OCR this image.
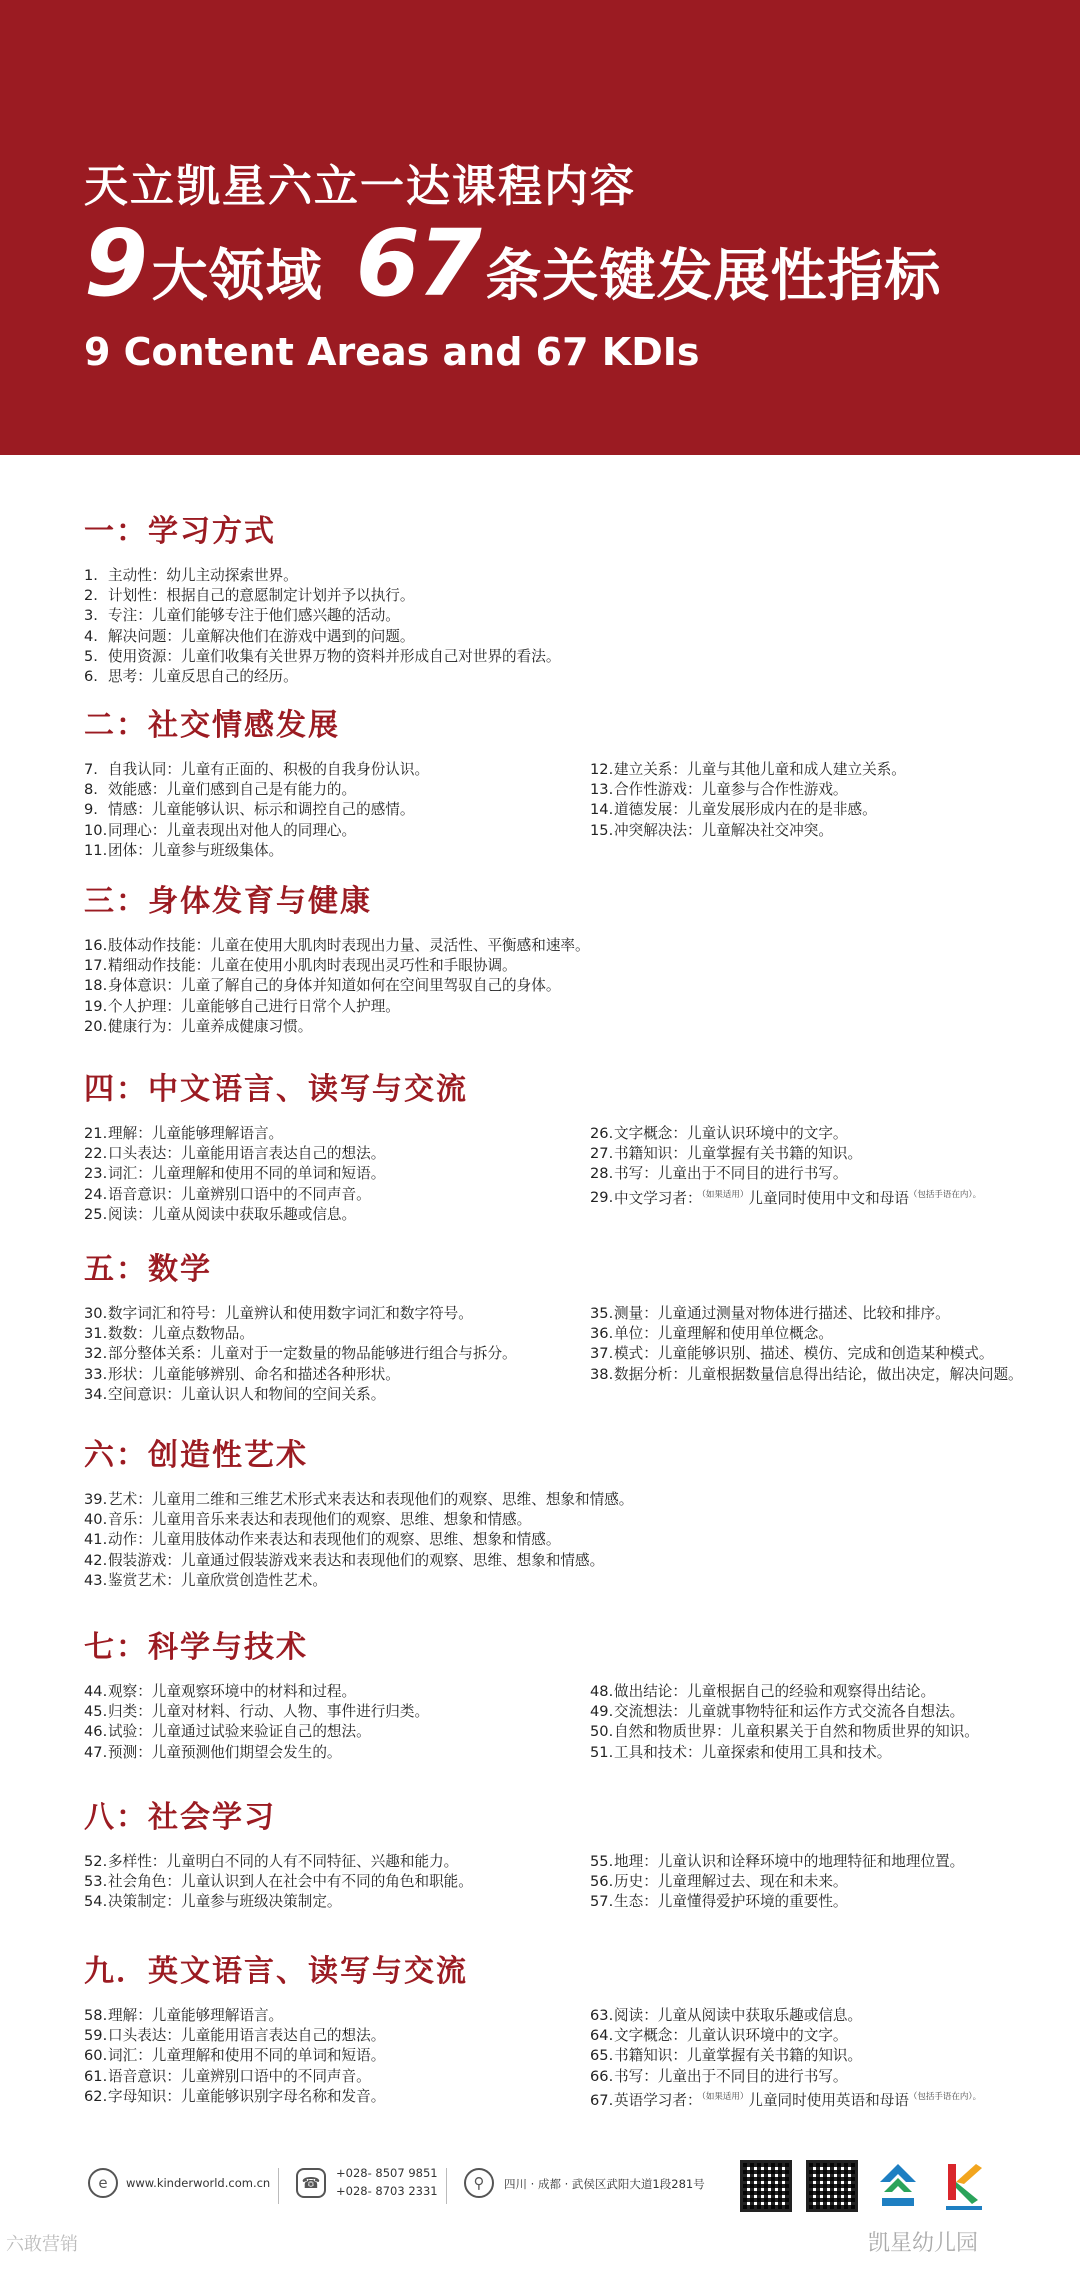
天立凯星六立一达课程内容
9 大领域 67 条关键发展性指标
9 Content Areas and 67 KDIs
一：学习方式
1. 主动性：幼儿主动探索世界。
2. 计划性：根据自己的意愿制定计划并予以执行。
3. 专注：儿童们能够专注于他们感兴趣的活动。
4. 解决问题：儿童解决他们在游戏中遇到的问题。
5. 使用资源：儿童们收集有关世界万物的资料并形成自己对世界的看法。
6. 思考：儿童反思自己的经历。
二：社交情感发展
7. 自我认同：儿童有正面的、积极的自我身份认识。
8. 效能感：儿童们感到自己是有能力的。
9. 情感：儿童能够认识、标示和调控自己的感情。
10.同理心：儿童表现出对他人的同理心。
11.团体：儿童参与班级集体。
12.建立关系：儿童与其他儿童和成人建立关系。
13.合作性游戏：儿童参与合作性游戏。
14.道德发展：儿童发展形成内在的是非感。
15.冲突解决法：儿童解决社交冲突。
三：身体发育与健康
16.肢体动作技能：儿童在使用大肌肉时表现出力量、灵活性、平衡感和速率。
17.精细动作技能：儿童在使用小肌肉时表现出灵巧性和手眼协调。
18.身体意识：儿童了解自己的身体并知道如何在空间里驾驭自己的身体。
19.个人护理：儿童能够自己进行日常个人护理。
20.健康行为：儿童养成健康习惯。
四：中文语言、读写与交流
21.理解：儿童能够理解语言。
22.口头表达：儿童能用语言表达自己的想法。
23.词汇：儿童理解和使用不同的单词和短语。
24.语音意识：儿童辨别口语中的不同声音。
25.阅读：儿童从阅读中获取乐趣或信息。
26.文字概念：儿童认识环境中的文字。
27.书籍知识：儿童掌握有关书籍的知识。
28.书写：儿童出于不同目的进行书写。
29.中文学习者：$^{(如果适用)}$儿童同时使用中文和母语$^{(包括手语在内)。}$
五：数学
30.数字词汇和符号：儿童辨认和使用数字词汇和数字符号。
31.数数：儿童点数物品。
32.部分整体关系：儿童对于一定数量的物品能够进行组合与拆分。
33.形状：儿童能够辨别、命名和描述各种形状。
34.空间意识：儿童认识人和物间的空间关系。
35.测量：儿童通过测量对物体进行描述、比较和排序。
36.单位：儿童理解和使用单位概念。
37.模式：儿童能够识别、描述、模仿、完成和创造某种模式。
38.数据分析：儿童根据数量信息得出结论，做出决定，解决问题。
六：创造性艺术
39.艺术：儿童用二维和三维艺术形式来表达和表现他们的观察、思维、想象和情感。
40.音乐：儿童用音乐来表达和表现他们的观察、思维、想象和情感。
41.动作：儿童用肢体动作来表达和表现他们的观察、思维、想象和情感。
42.假装游戏：儿童通过假装游戏来表达和表现他们的观察、思维、想象和情感。
43.鉴赏艺术：儿童欣赏创造性艺术。
七：科学与技术
44.观察：儿童观察环境中的材料和过程。
45.归类：儿童对材料、行动、人物、事件进行归类。
46.试验：儿童通过试验来验证自己的想法。
47.预测：儿童预测他们期望会发生的。
48.做出结论：儿童根据自己的经验和观察得出结论。
49.交流想法：儿童就事物特征和运作方式交流各自想法。
50.自然和物质世界：儿童积累关于自然和物质世界的知识。
51.工具和技术：儿童探索和使用工具和技术。
八：社会学习
52.多样性：儿童明白不同的人有不同特征、兴趣和能力。
53.社会角色：儿童认识到人在社会中有不同的角色和职能。
54.决策制定：儿童参与班级决策制定。
55.地理：儿童认识和诠释环境中的地理特征和地理位置。
56.历史：儿童理解过去、现在和未来。
57.生态：儿童懂得爱护环境的重要性。
九．英文语言、读写与交流
58.理解：儿童能够理解语言。
59.口头表达：儿童能用语言表达自己的想法。
60.词汇：儿童理解和使用不同的单词和短语。
61.语音意识：儿童辨别口语中的不同声音。
62.字母知识：儿童能够识别字母名称和发音。
63.阅读：儿童从阅读中获取乐趣或信息。
64.文字概念：儿童认识环境中的文字。
65.书籍知识：儿童掌握有关书籍的知识。
66.书写：儿童出于不同目的进行书写。
67.英语学习者：$^{(如果适用)}$儿童同时使用英语和母语$^{(包括手语在内)。}$
e	www.kinderworld.com.cn	☎
+028- 8507 9851
+028- 8703 2331	⚲	四川 · 成都 · 武侯区武阳大道1段281号
六敢营销	凯星幼儿园
